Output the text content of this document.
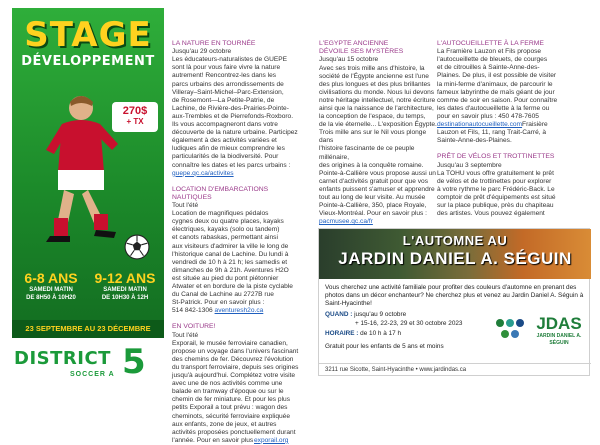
STAGE
DÉVELOPPEMENT
270$
+ TX
6-8 ANS
SAMEDI MATIN
DE 8H50 À 10H20
9-12 ANS
SAMEDI MATIN
DE 10H30 À 12H
23 SEPTEMBRE AU 23 DÉCEMBRE
DISTRICT 5
SOCCER A

LA NATURE EN TOURNÉE

Jusqu'au 29 octobre

Les éducateurs-naturalistes de GUEPE

sont là pour vous faire vivre la nature

autrement! Rencontrez-les dans les

parcs urbains des arrondissements de

Villeray–Saint-Michel–Parc-Extension,

de Rosemont—La Petite-Patrie, de

Lachine, de Rivière-des-Prairies-Pointe-

aux-Trembles et de Pierrefonds-Roxboro.

Ils vous accompagneront dans votre

découverte de la nature urbaine. Participez

également à des activités variées et

ludiques afin de mieux comprendre les

particularités de la biodiversité. Pour

connaître les dates et les parcs urbains :

guepe.qc.ca/activites

LOCATION D'EMBARCATIONS

NAUTIQUES

Tout l'été

Location de magnifiques pédalos

cygnes deux ou quatre places, kayaks

électriques, kayaks (solo ou tandem)

et canots rabaskas, permettant ainsi

aux visiteurs d'admirer la ville le long de

l'historique canal de Lachine. Du lundi à

vendredi de 10 h à 21 h; les samedis et

dimanches de 9h à 21h. Aventures H2O

est située au pied du pont piétonnier

Atwater et en bordure de la piste cyclable

du Canal de Lachine au 2727B rue

St-Patrick. Pour en savoir plus :

514 842-1306 aventuresh2o.ca

EN VOITURE!

Tout l'été

Exporail, le musée ferroviaire canadien,

propose un voyage dans l'univers fascinant

des chemins de fer. Découvrez l'évolution

du transport ferroviaire, depuis ses origines

jusqu'à aujourd'hui. Complétez votre visite

avec une de nos activités comme une

balade en tramway d'époque ou sur le

chemin de fer miniature. Et pour les plus

petits Exporail a tout prévu : wagon des

cheminots, sécurité ferroviaire expliquée

aux enfants, zone de jeux, et autres

activités proposées ponctuellement durant

l'année. Pour en savoir plus exporail.org

L'EGYPTE ANCIENNE

DÉVOILE SES MYSTÈRES

Jusqu'au 15 octobre

Avec ses trois mille ans d'histoire, la

société de l'Égypte ancienne est l'une

des plus longues et des plus brillantes

civilisations du monde. Nous lui devons

notre héritage intellectuel, notre écriture

ainsi que la naissance de l'architecture,

la conception de l'espace, du temps,

de la vie éternelle... L'exposition Égypte.

Trois mille ans sur le Nil vous plonge dans

l'histoire fascinante de ce peuple millénaire,

des origines à la conquête romaine.

Pointe-à-Callière vous propose aussi un

carnet d'activités gratuit pour que vos

enfants puissent s'amuser et apprendre

tout au long de leur visite. Au musée

Pointe-à-Callière, 350, place Royale,

Vieux-Montréal. Pour en savoir plus :

pacmusee.qc.ca/fr

L'AUTOCUEILLETTE À LA FERME

La Framière Lauzon et Fils propose

l'autocueillette de bleuets, de courges

et de citrouilles à Sainte-Anne-des-

Plaines. De plus, il est possible de visiter

la mini-ferme d'animaux, de parcourir le

fameux labyrinthe de maïs géant de jour

comme de soir en saison. Pour connaître

les dates d'autocueillette à la ferme ou

pour en savoir plus : 450 478-7605

destinationautocueillette.comFraisière

Lauzon et Fils, 11, rang Trait-Carré, à

Sainte-Anne-des-Plaines.

PRÊT DE VÉLOS ET TROTTINETTES

Jusqu'au 3 septembre

La TOHU vous offre gratuitement le prêt

de vélos et de trottinettes pour explorer

à votre rythme le parc Frédéric-Back. Le

comptoir de prêt d'équipements est situé

sur la place publique, près du chapiteau

des artistes. Vous pouvez également

L'AUTOMNE AU
JARDIN DANIEL A. SÉGUIN
Vous cherchez une activité familiale pour profiter des couleurs d'automne en prenant des photos dans un décor enchanteur? Ne cherchez plus et venez au Jardin Daniel A. Séguin à Saint-Hyacinthe!
QUAND : jusqu'au 9 octobre
+ 15-16, 22-23, 29 et 30 octobre 2023
HORAIRE : de 10 h à 17 h
Gratuit pour les enfants de 5 ans et moins
JDAS
JARDIN DANIEL A. SÉGUIN
3211 rue Sicotte, Saint-Hyacinthe • www.jardindas.ca
